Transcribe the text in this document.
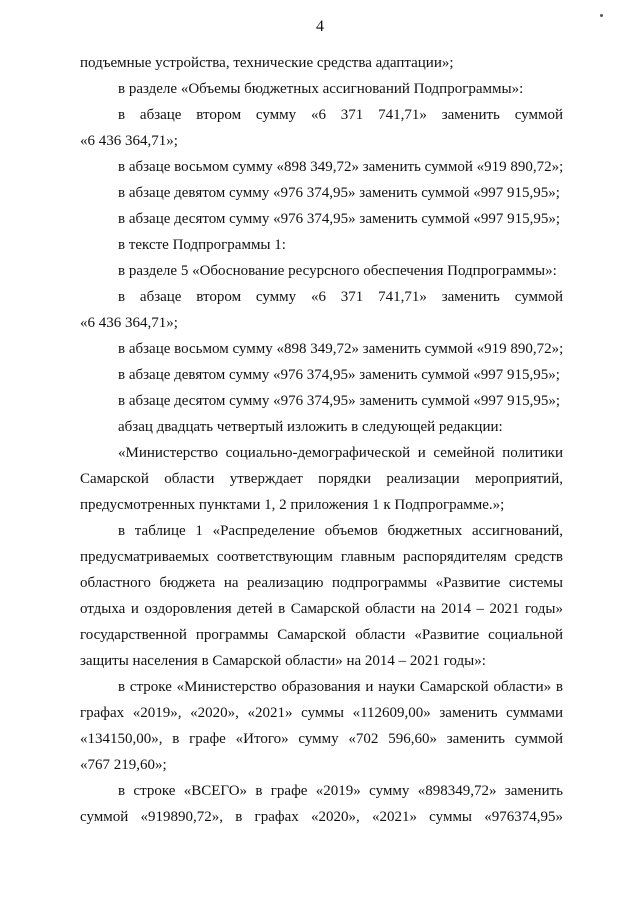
4
подъемные устройства, технические средства адаптации»;
в разделе «Объемы бюджетных ассигнований Подпрограммы»:
в абзаце втором сумму «6 371 741,71» заменить суммой
«6 436 364,71»;
в абзаце восьмом сумму «898 349,72» заменить суммой «919 890,72»;
в абзаце девятом сумму «976 374,95» заменить суммой «997 915,95»;
в абзаце десятом сумму «976 374,95» заменить суммой «997 915,95»;
в тексте Подпрограммы 1:
в разделе 5 «Обоснование ресурсного обеспечения Подпрограммы»:
в абзаце втором сумму «6 371 741,71» заменить суммой
«6 436 364,71»;
в абзаце восьмом сумму «898 349,72» заменить суммой «919 890,72»;
в абзаце девятом сумму «976 374,95» заменить суммой «997 915,95»;
в абзаце десятом сумму «976 374,95» заменить суммой «997 915,95»;
абзац двадцать четвертый изложить в следующей редакции:
«Министерство социально-демографической и семейной политики
Самарской области утверждает порядки реализации мероприятий,
предусмотренных пунктами 1, 2 приложения 1 к Подпрограмме.»;
в таблице 1 «Распределение объемов бюджетных ассигнований,
предусматриваемых соответствующим главным распорядителям средств
областного бюджета на реализацию подпрограммы «Развитие системы
отдыха и оздоровления детей в Самарской области на 2014 – 2021 годы»
государственной программы Самарской области «Развитие социальной
защиты населения в Самарской области» на 2014 – 2021 годы»:
в строке «Министерство образования и науки Самарской области» в
графах «2019», «2020», «2021» суммы «112609,00» заменить суммами
«134150,00», в графе «Итого» сумму «702 596,60» заменить суммой
«767 219,60»;
в строке «ВСЕГО» в графе «2019» сумму «898349,72» заменить
суммой «919890,72», в графах «2020», «2021» суммы «976374,95»
